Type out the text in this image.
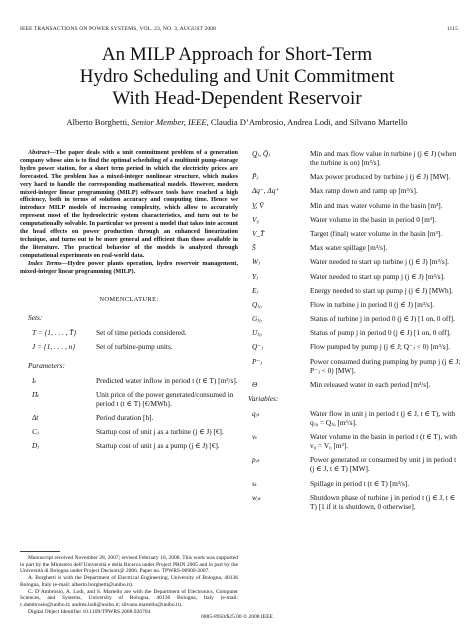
IEEE TRANSACTIONS ON POWER SYSTEMS, VOL. 23, NO. 3, AUGUST 2008	1115
An MILP Approach for Short-Term
Hydro Scheduling and Unit Commitment
With Head-Dependent Reservoir
Alberto Borghetti, Senior Member, IEEE, Claudia D’Ambrosio, Andrea Lodi, and Silvano Martello

Abstract—The paper deals with a unit commitment problem of a generation company whose aim is to find the optimal scheduling of a multiunit pump-storage hydro power station, for a short term period in which the electricity prices are forecasted. The problem has a mixed-integer nonlinear structure, which makes very hard to handle the corresponding mathematical models. However, modern mixed-integer linear programming (MILP) software tools have reached a high efficiency, both in terms of solution accuracy and computing time. Hence we introduce MILP models of increasing complexity, which allow to accurately represent most of the hydroelectric system characteristics, and turn out to be computationally solvable. In particular we present a model that takes into account the head effects on power production through an enhanced linearization technique, and turns out to be more general and efficient than those available in the literature. The practical behavior of the models is analyzed through computational experiments on real-world data.

Index Terms—Hydro power plants operation, hydro reservoir management, mixed-integer linear programming (MILP).

NOMENCLATURE:
Sets:
T = {1, . . . , T̄}	Set of time periods considered.
J = {1, . . . , n}	Set of turbine-pump units.
Parameters:
Iₜ	Predicted water inflow in period t (t ∈ T) [m³/s].
Πₜ	Unit price of the power generated/consumed in period t (t ∈ T) [€/MWh].
Δt	Period duration [h].
Cⱼ	Startup cost of unit j as a turbine (j ∈ J) [€].
Dⱼ	Startup cost of unit j as a pump (j ∈ J) [€].
Q̲ⱼ, Q̄ⱼ	Min and max flow value in turbine j (j ∈ J) (when the turbine is on) [m³/s].
P̄ⱼ	Max power produced by turbine j (j ∈ J) [MW].
Δq⁻, Δq⁺	Max ramp down and ramp up [m³/s].
V̲, V̄	Min and max water volume in the basin [m³].
V₀	Water volume in the basin in period 0 [m³].
V_T̄	Target (final) water volume in the basin [m³].
S̄	Max water spillage [m³/s].
Wⱼ	Water needed to start up turbine j (j ∈ J) [m³/s].
Yⱼ	Water needed to start up pump j (j ∈ J) [m³/s].
Eⱼ	Energy needed to start up pump j (j ∈ J) [MWh].
Qⱼ₀	Flow in turbine j in period 0 (j ∈ J) [m³/s].
Gⱼ₀	Status of turbine j in period 0 (j ∈ J) [1 on, 0 off].
Uⱼ₀	Status of pump j in period 0 (j ∈ J) [1 on, 0 off].
Q⁻ⱼ	Flow pumped by pump j (j ∈ J; Q⁻ⱼ < 0) [m³/s].
P⁻ⱼ	Power consumed during pumping by pump j (j ∈ J; P⁻ⱼ < 0) [MW].
Θ	Min released water in each period [m³/s].
Variables:
qⱼₜ	Water flow in unit j in period t (j ∈ J, t ∈ T), with qⱼ₀ = Qⱼ₀ [m³/s].
vₜ	Water volume in the basin in period t (t ∈ T), with v₀ = V₀ [m³].
pⱼₜ	Power generated or consumed by unit j in period t (j ∈ J, t ∈ T) [MW].
sₜ	Spillage in period t (t ∈ T) [m³/s].
wⱼₜ	Shutdown phase of turbine j in period t (j ∈ J, t ∈ T) [1 if it is shutdown, 0 otherwise].

Manuscript received November 28, 2007; revised February 18, 2008. This work was supported in part by the Ministero dell’Università e della Ricerca under Project PRIN 2005 and in part by the Università di Bologna under Project Decisori@ 2006. Paper no. TPWRS-00900-2007.

A. Borghetti is with the Department of Electrical Engineering, University of Bologna, 40136 Bologna, Italy (e-mail: alberto.borghetti@unibo.it).

C. D’Ambrosio, A. Lodi, and S. Martello are with the Department of Electronics, Computer Sciences, and Systems, University of Bologna, 40136 Bologna, Italy (e-mail: c.dambrosio@unibo.it; andrea.lodi@unibo.it; silvano.martello@unibo.it).

Digital Object Identifier 10.1109/TPWRS.2008.926704

0885-8950/$25.00 © 2008 IEEE
